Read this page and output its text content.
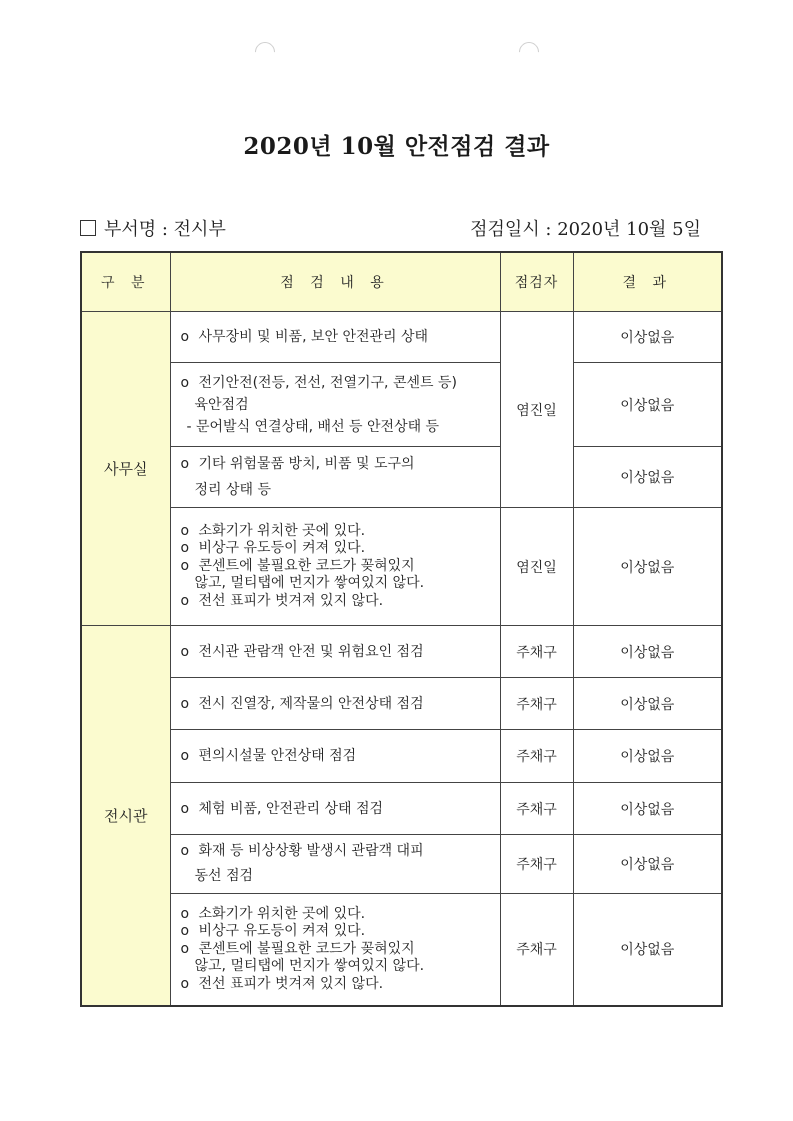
2020년 10월 안전점검 결과
부서명 : 전시부	점검일시 : 2020년 10월 5일
구 분	점 검 내 용	점검자	결 과
사무실	o 사무장비 및 비품, 보안 안전관리 상태	염진일	이상없음

	o 전기안전(전등, 전선, 전열기구, 콘센트 등)
육안점검
- 문어발식 연결상태, 배선 등 안전상태 등		이상없음

	o 기타 위험물품 방치, 비품 및 도구의
정리 상태 등		이상없음

	o 소화기가 위치한 곳에 있다.
o 비상구 유도등이 켜져 있다.
o 콘센트에 불필요한 코드가 꽂혀있지
않고, 멀티탭에 먼지가 쌓여있지 않다.
o 전선 표피가 벗겨져 있지 않다.	염진일	이상없음
전시관	o 전시관 관람객 안전 및 위험요인 점검	주채구	이상없음

	o 전시 진열장, 제작물의 안전상태 점검	주채구	이상없음

	o 편의시설물 안전상태 점검	주채구	이상없음

	o 체험 비품, 안전관리 상태 점검	주채구	이상없음

	o 화재 등 비상상황 발생시 관람객 대피
동선 점검	주채구	이상없음

	o 소화기가 위치한 곳에 있다.
o 비상구 유도등이 켜져 있다.
o 콘센트에 불필요한 코드가 꽂혀있지
않고, 멀티탭에 먼지가 쌓여있지 않다.
o 전선 표피가 벗겨져 있지 않다.	주채구	이상없음
